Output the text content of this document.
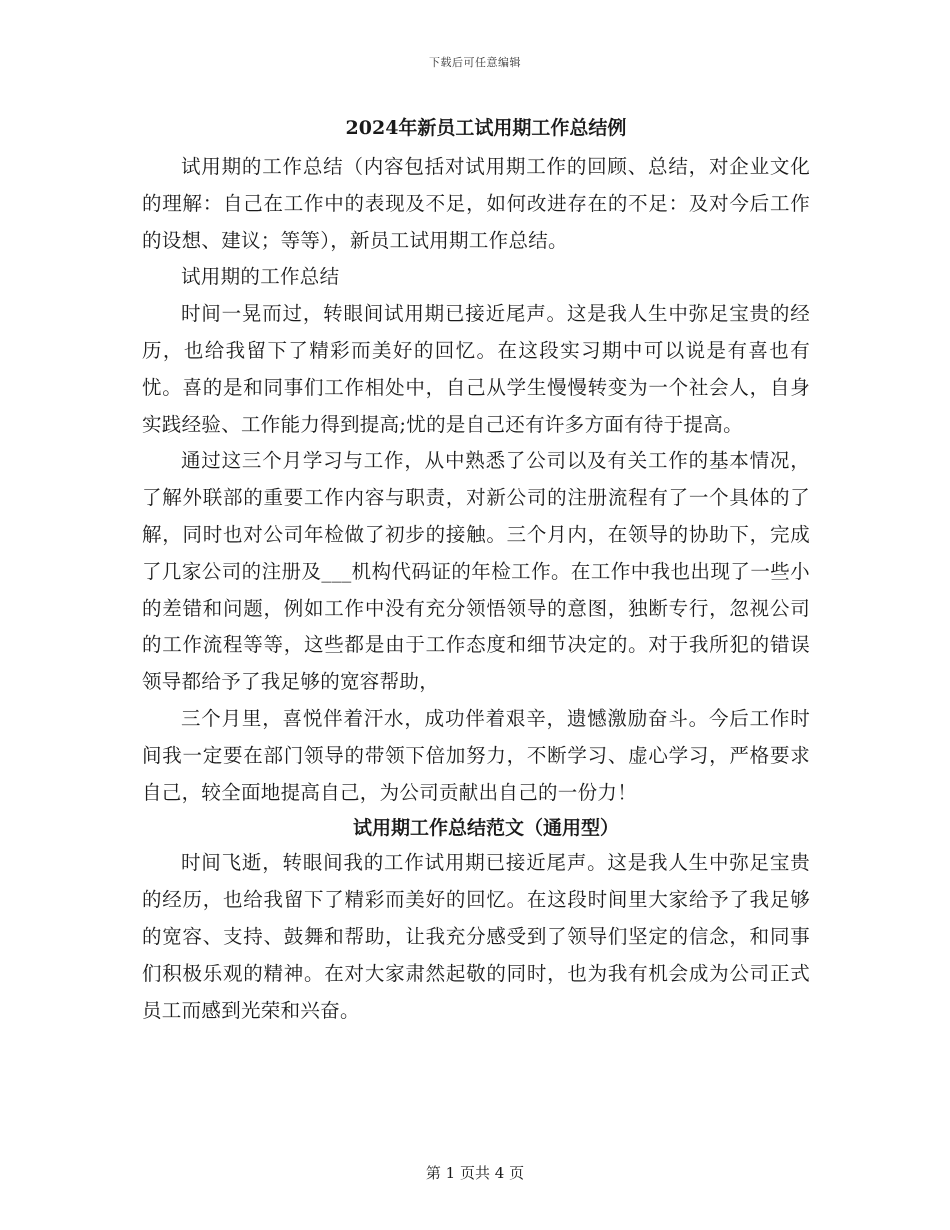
下载后可任意编辑
2024年新员工试用期工作总结例

试用期的工作总结（内容包括对试用期工作的回顾、总结，对企业文化的理解：自己在工作中的表现及不足，如何改进存在的不足：及对今后工作的设想、建议；等等），新员工试用期工作总结。

试用期的工作总结

时间一晃而过，转眼间试用期已接近尾声。这是我人生中弥足宝贵的经历，也给我留下了精彩而美好的回忆。在这段实习期中可以说是有喜也有忧。喜的是和同事们工作相处中，自己从学生慢慢转变为一个社会人，自身实践经验、工作能力得到提高;忧的是自己还有许多方面有待于提高。

通过这三个月学习与工作，从中熟悉了公司以及有关工作的基本情况，了解外联部的重要工作内容与职责，对新公司的注册流程有了一个具体的了解，同时也对公司年检做了初步的接触。三个月内，在领导的协助下，完成了几家公司的注册及___机构代码证的年检工作。在工作中我也出现了一些小的差错和问题，例如工作中没有充分领悟领导的意图，独断专行，忽视公司的工作流程等等，这些都是由于工作态度和细节决定的。对于我所犯的错误领导都给予了我足够的宽容帮助，

三个月里，喜悦伴着汗水，成功伴着艰辛，遗憾激励奋斗。今后工作时间我一定要在部门领导的带领下倍加努力，不断学习、虚心学习，严格要求自己，较全面地提高自己，为公司贡献出自己的一份力！

试用期工作总结范文（通用型）

时间飞逝，转眼间我的工作试用期已接近尾声。这是我人生中弥足宝贵的经历，也给我留下了精彩而美好的回忆。在这段时间里大家给予了我足够的宽容、支持、鼓舞和帮助，让我充分感受到了领导们坚定的信念，和同事们积极乐观的精神。在对大家肃然起敬的同时，也为我有机会成为公司正式员工而感到光荣和兴奋。

第 1 页共 4 页
